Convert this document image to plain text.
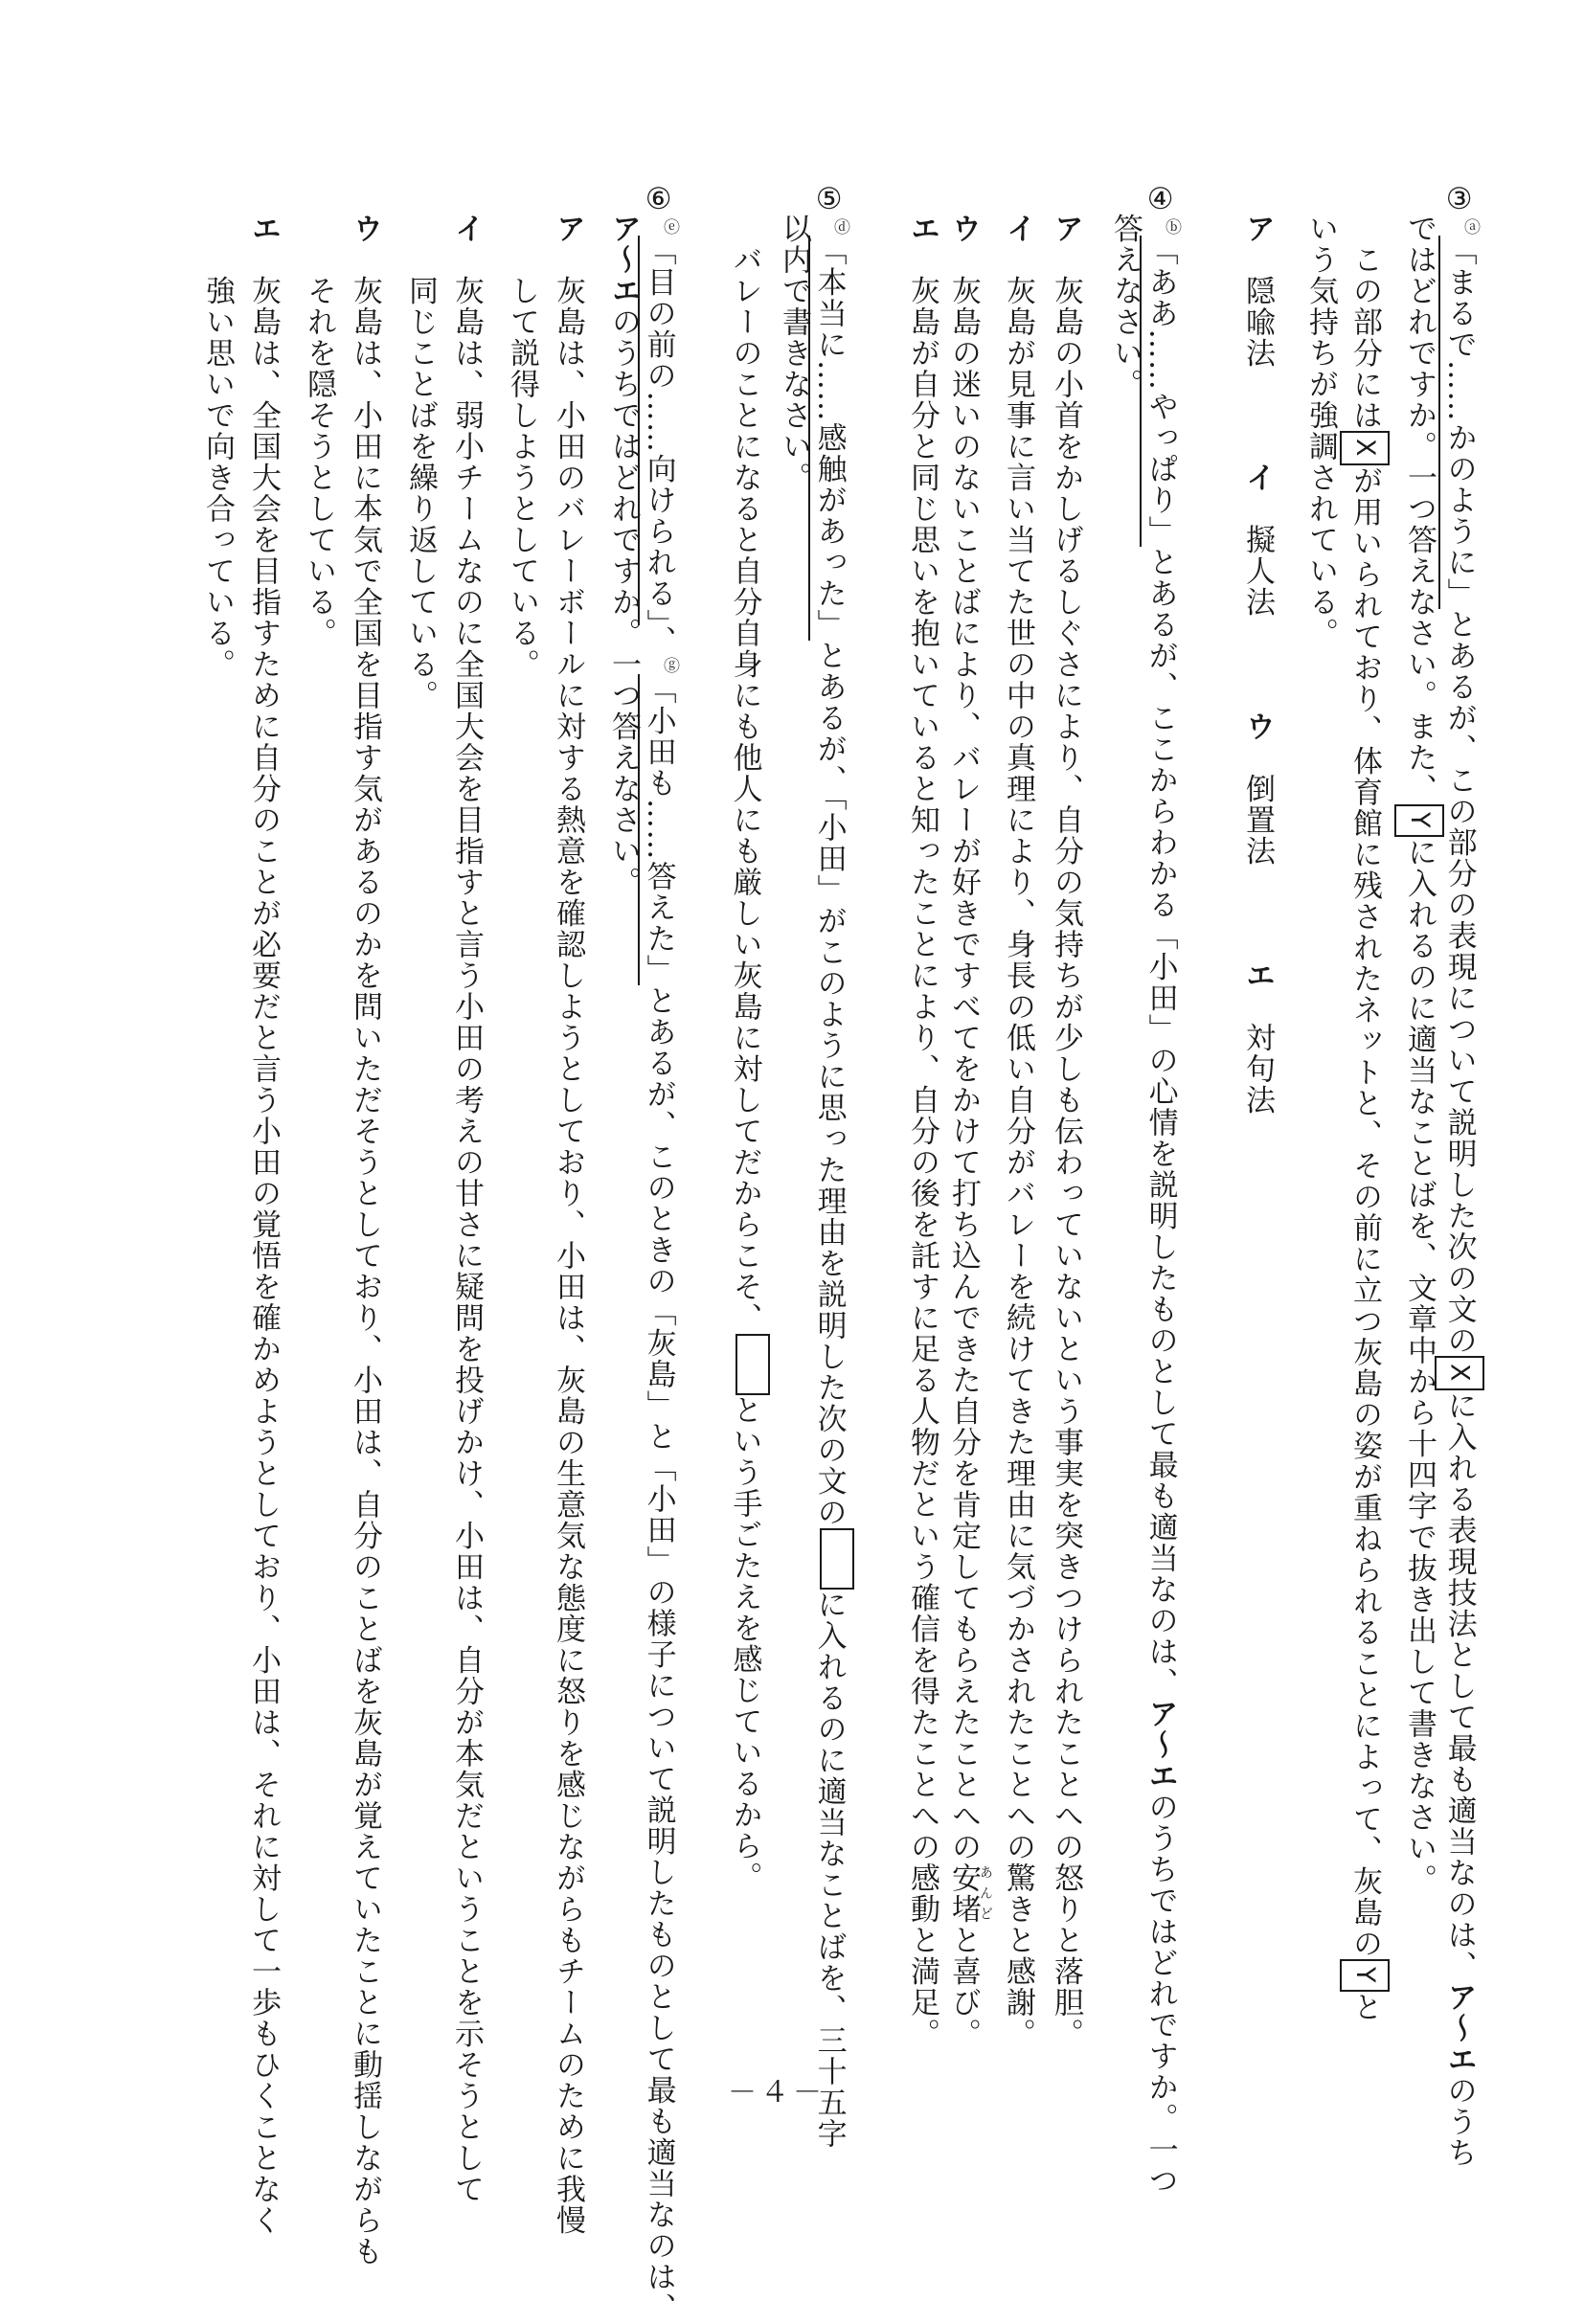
③ⓐ「まるで……かのように」とあるが、この部分の表現について説明した次の文のXに入れる表現技法として最も適当なのは、ア～エのうち
　ではどれですか。一つ答えなさい。また、Yに入れるのに適当なことばを、文章中から十四字で抜き出して書きなさい。
　　この部分にはXが用いられており、体育館に残されたネットと、その前に立つ灰島の姿が重ねられることによって、灰島のYと
　いう気持ちが強調されている。
　ア　隠喩法　　　イ　擬人法　　　ウ　倒置法　　　エ　対句法
④ⓑ「ああ……やっぱり」とあるが、ここからわかる「小田」の心情を説明したものとして最も適当なのは、ア～エのうちではどれですか。一つ
　答えなさい。
　ア　灰島の小首をかしげるしぐさにより、自分の気持ちが少しも伝わっていないという事実を突きつけられたことへの怒りと落胆。
　イ　灰島が見事に言い当てた世の中の真理により、身長の低い自分がバレーを続けてきた理由に気づかされたことへの驚きと感謝。
　ウ　灰島の迷いのないことばにより、バレーが好きですべてをかけて打ち込んできた自分を肯定してもらえたことへの安堵あんどと喜び。
　エ　灰島が自分と同じ思いを抱いていると知ったことにより、自分の後を託すに足る人物だという確信を得たことへの感動と満足。
⑤ⓓ「本当に……感触があった」とあるが、「小田」がこのように思った理由を説明した次の文のに入れるのに適当なことばを、三十五字
　以内で書きなさい。
　　バレーのことになると自分自身にも他人にも厳しい灰島に対してだからこそ、という手ごたえを感じているから。
⑥ⓔ「目の前の……向けられる」、ⓖ「小田も……答えた」とあるが、このときの「灰島」と「小田」の様子について説明したものとして最も適当なのは、
　ア～エのうちではどれですか。一つ答えなさい。
　ア　灰島は、小田のバレーボールに対する熱意を確認しようとしており、小田は、灰島の生意気な態度に怒りを感じながらもチームのために我慢
　　　して説得しようとしている。
　イ　灰島は、弱小チームなのに全国大会を目指すと言う小田の考えの甘さに疑問を投げかけ、小田は、自分が本気だということを示そうとして
　　　同じことばを繰り返している。
　ウ　灰島は、小田に本気で全国を目指す気があるのかを問いただそうとしており、小田は、自分のことばを灰島が覚えていたことに動揺しながらも
　　　それを隠そうとしている。
　エ　灰島は、全国大会を目指すために自分のことが必要だと言う小田の覚悟を確かめようとしており、小田は、それに対して一歩もひくことなく
　　　強い思いで向き合っている。
－４－
